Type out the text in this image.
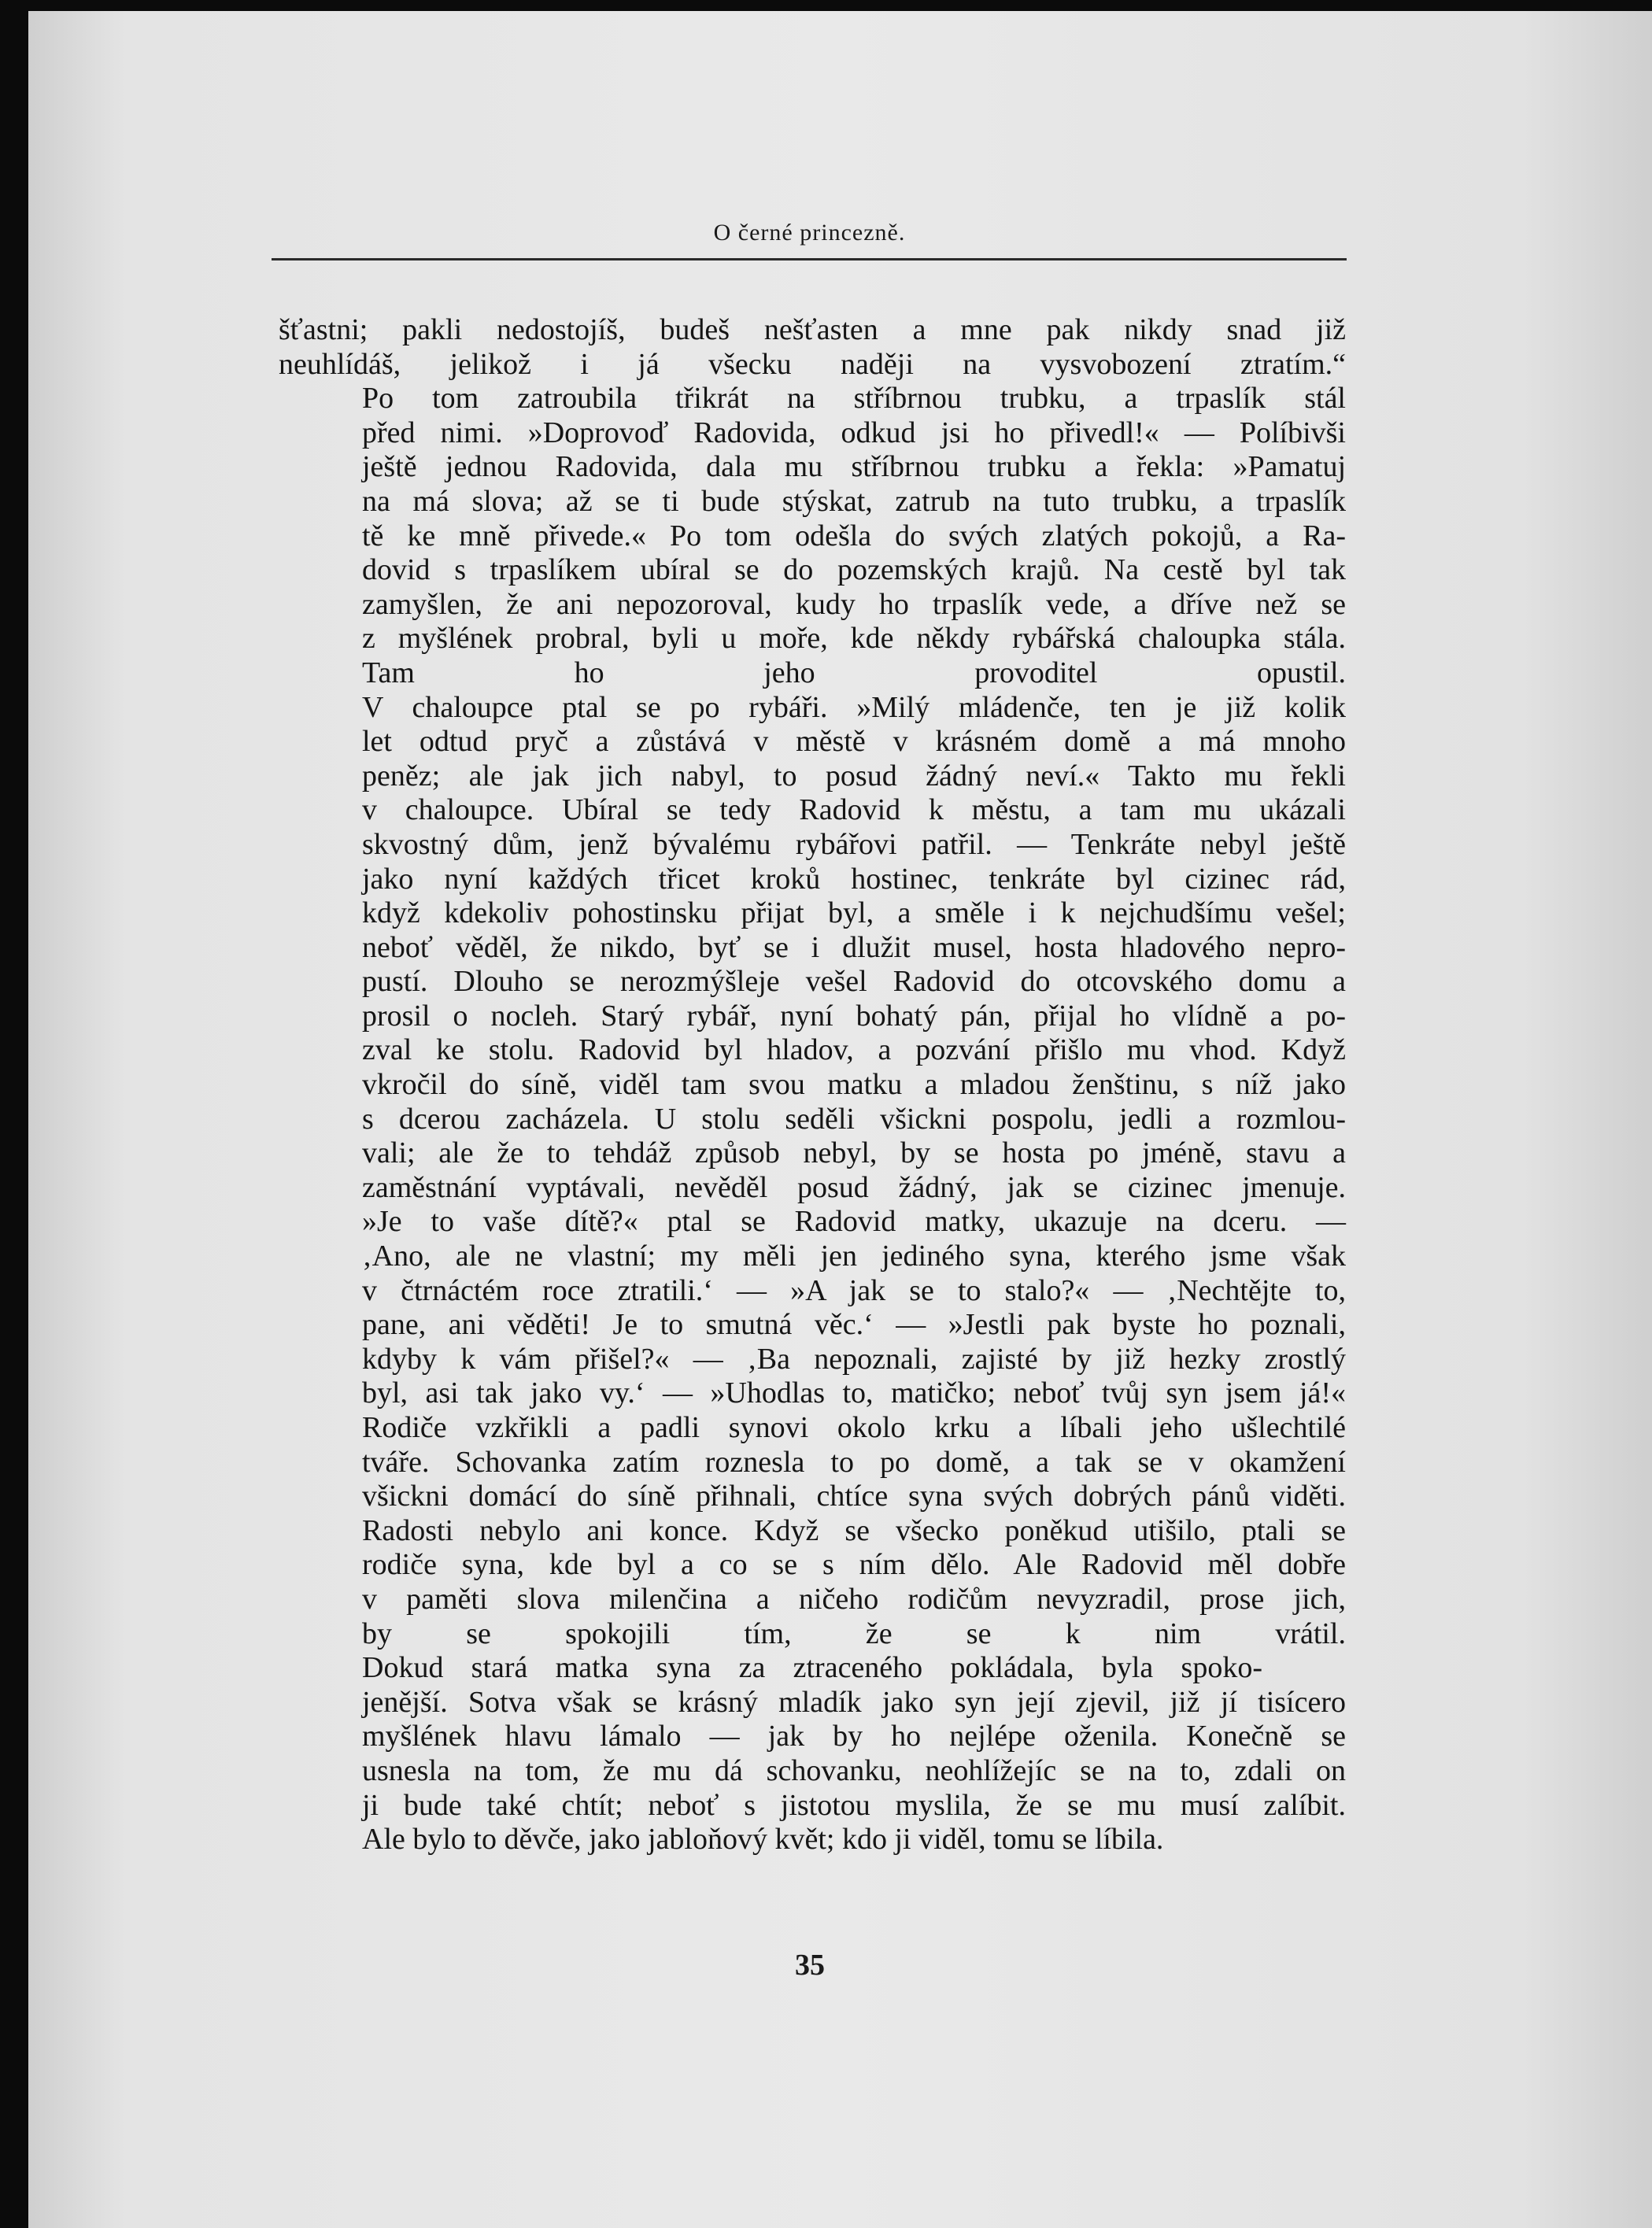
O černé princezně.

šťastni; pakli nedostojíš, budeš nešťasten a mne pak nikdy snad již
neuhlídáš, jelikož i já všecku naději na vysvobození ztratím.“

Po tom zatroubila třikrát na stříbrnou trubku, a trpaslík stál
před nimi. »Doprovoď Radovida, odkud jsi ho přivedl!« — Políbivši
ještě jednou Radovida, dala mu stříbrnou trubku a řekla: »Pamatuj
na má slova; až se ti bude stýskat, zatrub na tuto trubku, a trpaslík
tě ke mně přivede.« Po tom odešla do svých zlatých pokojů, a Ra-
dovid s trpaslíkem ubíral se do pozemských krajů. Na cestě byl tak
zamyšlen, že ani nepozoroval, kudy ho trpaslík vede, a dříve než se
z myšlének probral, byli u moře, kde někdy rybářská chaloupka stála.
Tam ho jeho provoditel opustil.

V chaloupce ptal se po rybáři. »Milý mládenče, ten je již kolik
let odtud pryč a zůstává v městě v krásném domě a má mnoho
peněz; ale jak jich nabyl, to posud žádný neví.« Takto mu řekli
v chaloupce. Ubíral se tedy Radovid k městu, a tam mu ukázali
skvostný dům, jenž bývalému rybářovi patřil. — Tenkráte nebyl ještě
jako nyní každých třicet kroků hostinec, tenkráte byl cizinec rád,
když kdekoliv pohostinsku přijat byl, a směle i k nejchudšímu vešel;
neboť věděl, že nikdo, byť se i dlužit musel, hosta hladového nepro-
pustí. Dlouho se nerozmýšleje vešel Radovid do otcovského domu a
prosil o nocleh. Starý rybář, nyní bohatý pán, přijal ho vlídně a po-
zval ke stolu. Radovid byl hladov, a pozvání přišlo mu vhod. Když
vkročil do síně, viděl tam svou matku a mladou ženštinu, s níž jako
s dcerou zacházela. U stolu seděli všickni pospolu, jedli a rozmlou-
vali; ale že to tehdáž způsob nebyl, by se hosta po jméně, stavu a
zaměstnání vyptávali, nevěděl posud žádný, jak se cizinec jmenuje.

»Je to vaše dítě?« ptal se Radovid matky, ukazuje na dceru. —
‚Ano, ale ne vlastní; my měli jen jediného syna, kterého jsme však
v čtrnáctém roce ztratili.‘ — »A jak se to stalo?« — ‚Nechtějte to,
pane, ani věděti! Je to smutná věc.‘ — »Jestli pak byste ho poznali,
kdyby k vám přišel?« — ‚Ba nepoznali, zajisté by již hezky zrostlý
byl, asi tak jako vy.‘ — »Uhodlas to, matičko; neboť tvůj syn jsem já!«

Rodiče vzkřikli a padli synovi okolo krku a líbali jeho ušlechtilé
tváře. Schovanka zatím roznesla to po domě, a tak se v okamžení
všickni domácí do síně přihnali, chtíce syna svých dobrých pánů viděti.
Radosti nebylo ani konce. Když se všecko poněkud utišilo, ptali se
rodiče syna, kde byl a co se s ním dělo. Ale Radovid měl dobře
v paměti slova milenčina a ničeho rodičům nevyzradil, prose jich,
by se spokojili tím, že se k nim vrátil.

Dokud stará matka syna za ztraceného pokládala, byla spoko-
jenější. Sotva však se krásný mladík jako syn její zjevil, již jí tisícero
myšlének hlavu lámalo — jak by ho nejlépe oženila. Konečně se
usnesla na tom, že mu dá schovanku, neohlížejíc se na to, zdali on
ji bude také chtít; neboť s jistotou myslila, že se mu musí zalíbit.
Ale bylo to děvče, jako jabloňový květ; kdo ji viděl, tomu se líbila.

35
